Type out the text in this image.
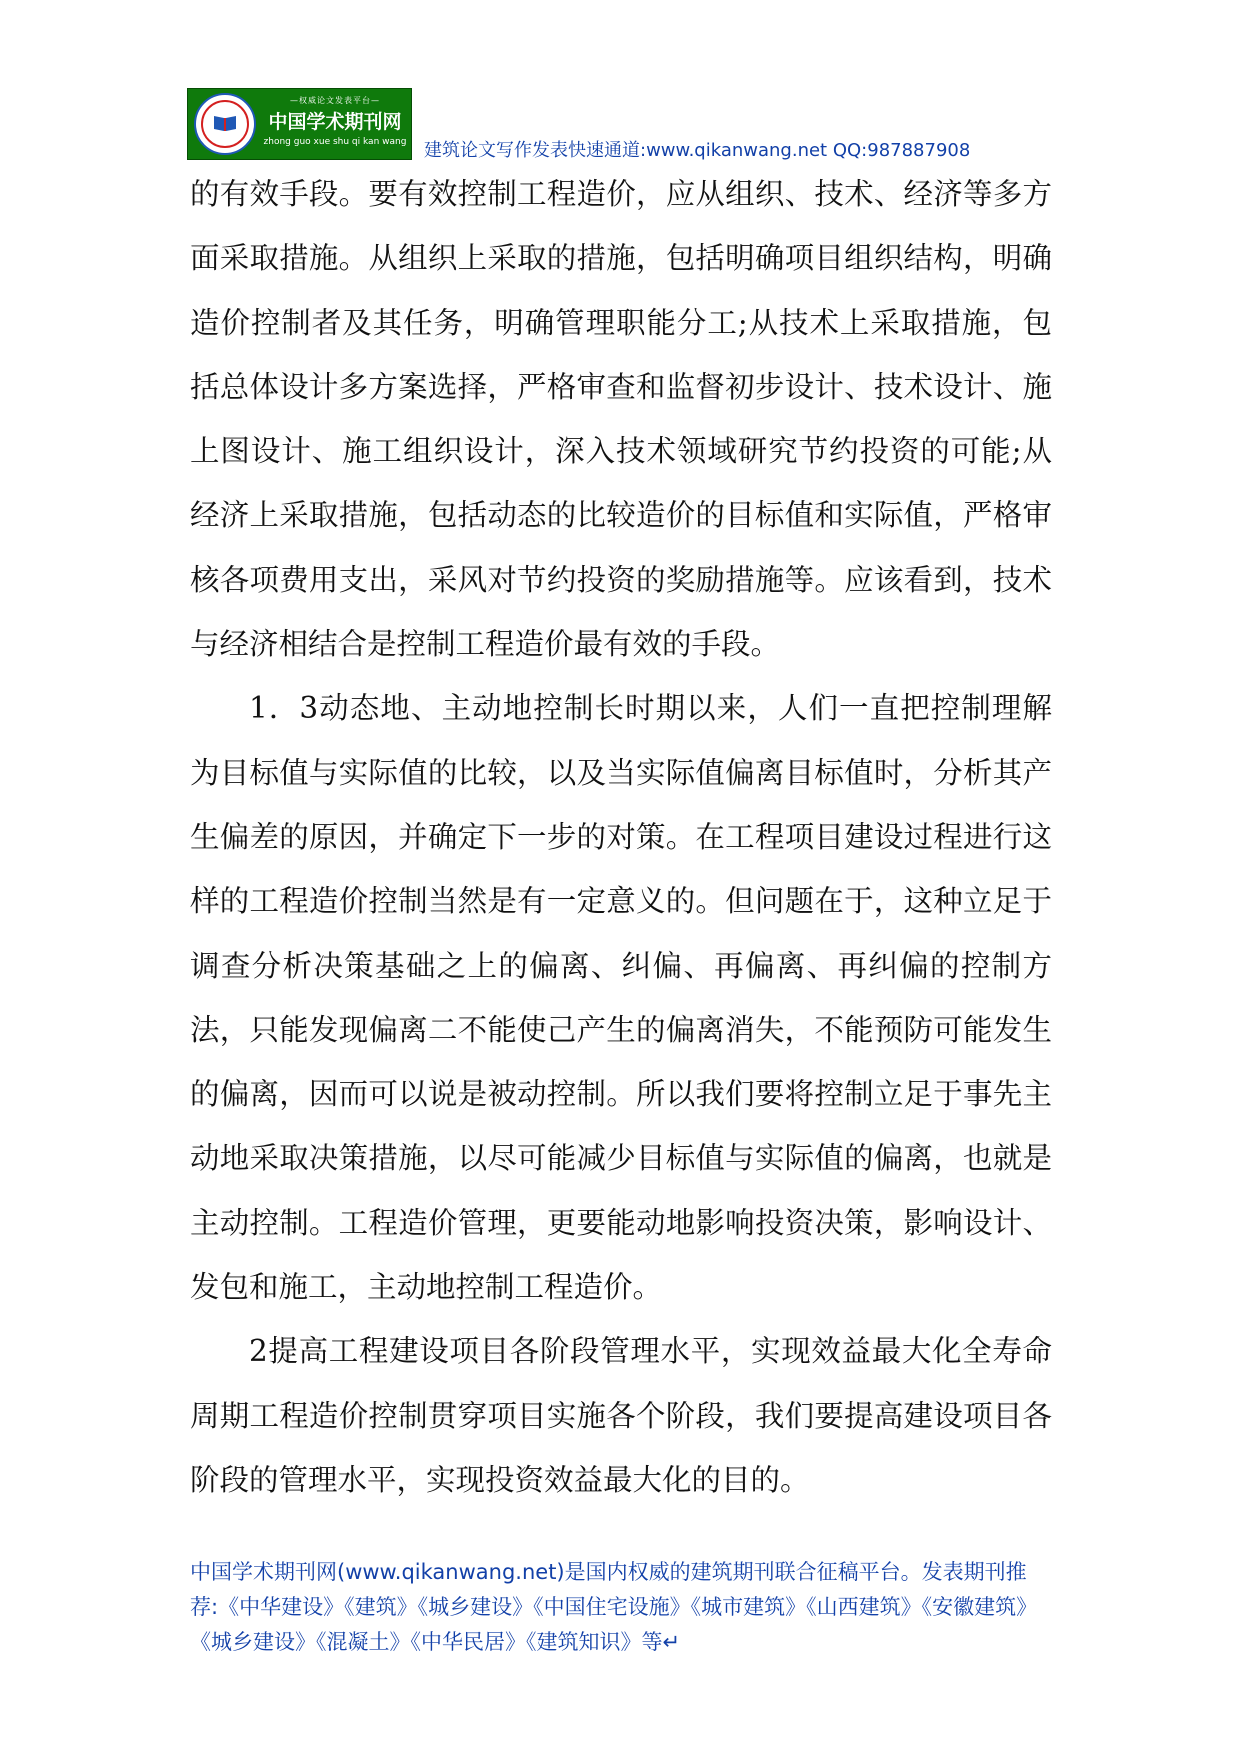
—权威论文发表平台—
中国学术期刊网
zhong guo xue shu qi kan wang 建筑论文写作发表快速通道:www.qikanwang.net QQ:987887908

的有效手段。要有效控制工程造价，应从组织、技术、经济等多方面采取措施。从组织上采取的措施，包括明确项目组织结构，明确造价控制者及其任务，明确管理职能分工;从技术上采取措施，包括总体设计多方案选择，严格审查和监督初步设计、技术设计、施上图设计、施工组织设计，深入技术领域研究节约投资的可能;从经济上采取措施，包括动态的比较造价的目标值和实际值，严格审核各项费用支出，采风对节约投资的奖励措施等。应该看到，技术与经济相结合是控制工程造价最有效的手段。

1．3动态地、主动地控制长时期以来，人们一直把控制理解为目标值与实际值的比较，以及当实际值偏离目标值时，分析其产生偏差的原因，并确定下一步的对策。在工程项目建设过程进行这样的工程造价控制当然是有一定意义的。但问题在于，这种立足于调查分析决策基础之上的偏离、纠偏、再偏离、再纠偏的控制方法，只能发现偏离二不能使己产生的偏离消失，不能预防可能发生的偏离，因而可以说是被动控制。所以我们要将控制立足于事先主动地采取决策措施，以尽可能减少目标值与实际值的偏离，也就是主动控制。工程造价管理，更要能动地影响投资决策，影响设计、发包和施工，主动地控制工程造价。

2提高工程建设项目各阶段管理水平，实现效益最大化全寿命周期工程造价控制贯穿项目实施各个阶段，我们要提高建设项目各阶段的管理水平，实现投资效益最大化的目的。

中国学术期刊网(www.qikanwang.net)是国内权威的建筑期刊联合征稿平台。发表期刊推荐:《中华建设》《建筑》《城乡建设》《中国住宅设施》《城市建筑》《山西建筑》《安徽建筑》《城乡建设》《混凝土》《中华民居》《建筑知识》等↵
